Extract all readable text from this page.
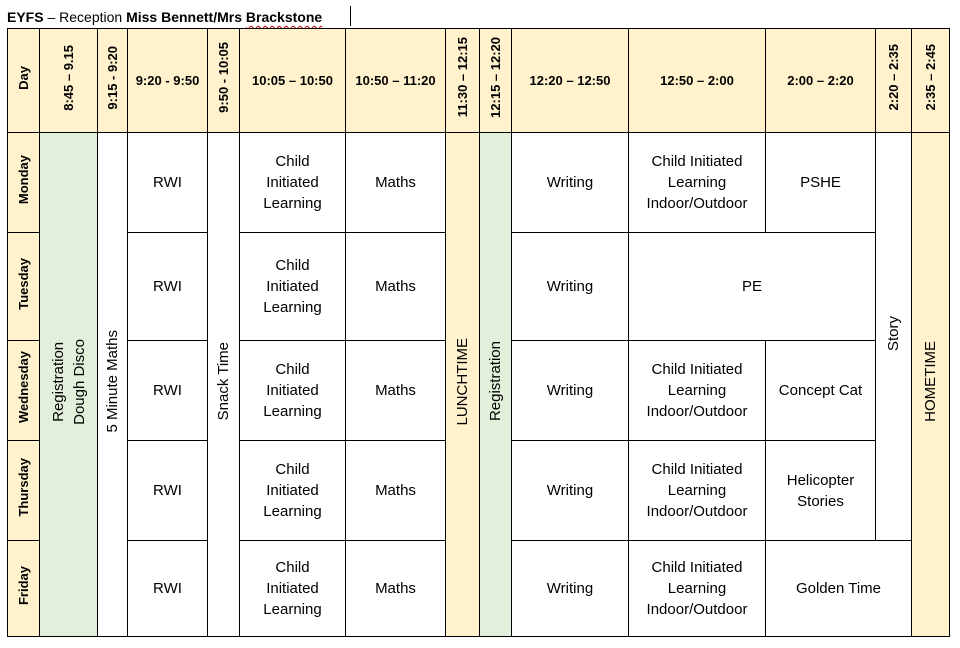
EYFS – Reception Miss Bennett/Mrs Brackstone
Day	8:45 – 9.15	9:15 - 9:20	9:20 - 9:50	9:50 - 10:05	10:05 – 10:50	10:50 – 11:20	11:30 – 12:15	12:15 – 12:20	12:20 – 12:50	12:50 – 2:00	2:00 – 2:20	2:20 – 2:35	2:35 – 2:45
Monday	Registration Dough Disco	5 Minute Maths	RWI	Snack Time	Child
Initiated
Learning	Maths	LUNCHTIME	Registration	Writing	Child Initiated
Learning
Indoor/Outdoor	PSHE	Story	HOMETIME
Tuesday			RWI		Child
Initiated
Learning	Maths			Writing	PE			
Wednesday			RWI		Child
Initiated
Learning	Maths			Writing	Child Initiated
Learning
Indoor/Outdoor	Concept Cat		
Thursday			RWI		Child
Initiated
Learning	Maths			Writing	Child Initiated
Learning
Indoor/Outdoor	Helicopter
Stories		
Friday			RWI		Child
Initiated
Learning	Maths			Writing	Child Initiated
Learning
Indoor/Outdoor	Golden Time		
